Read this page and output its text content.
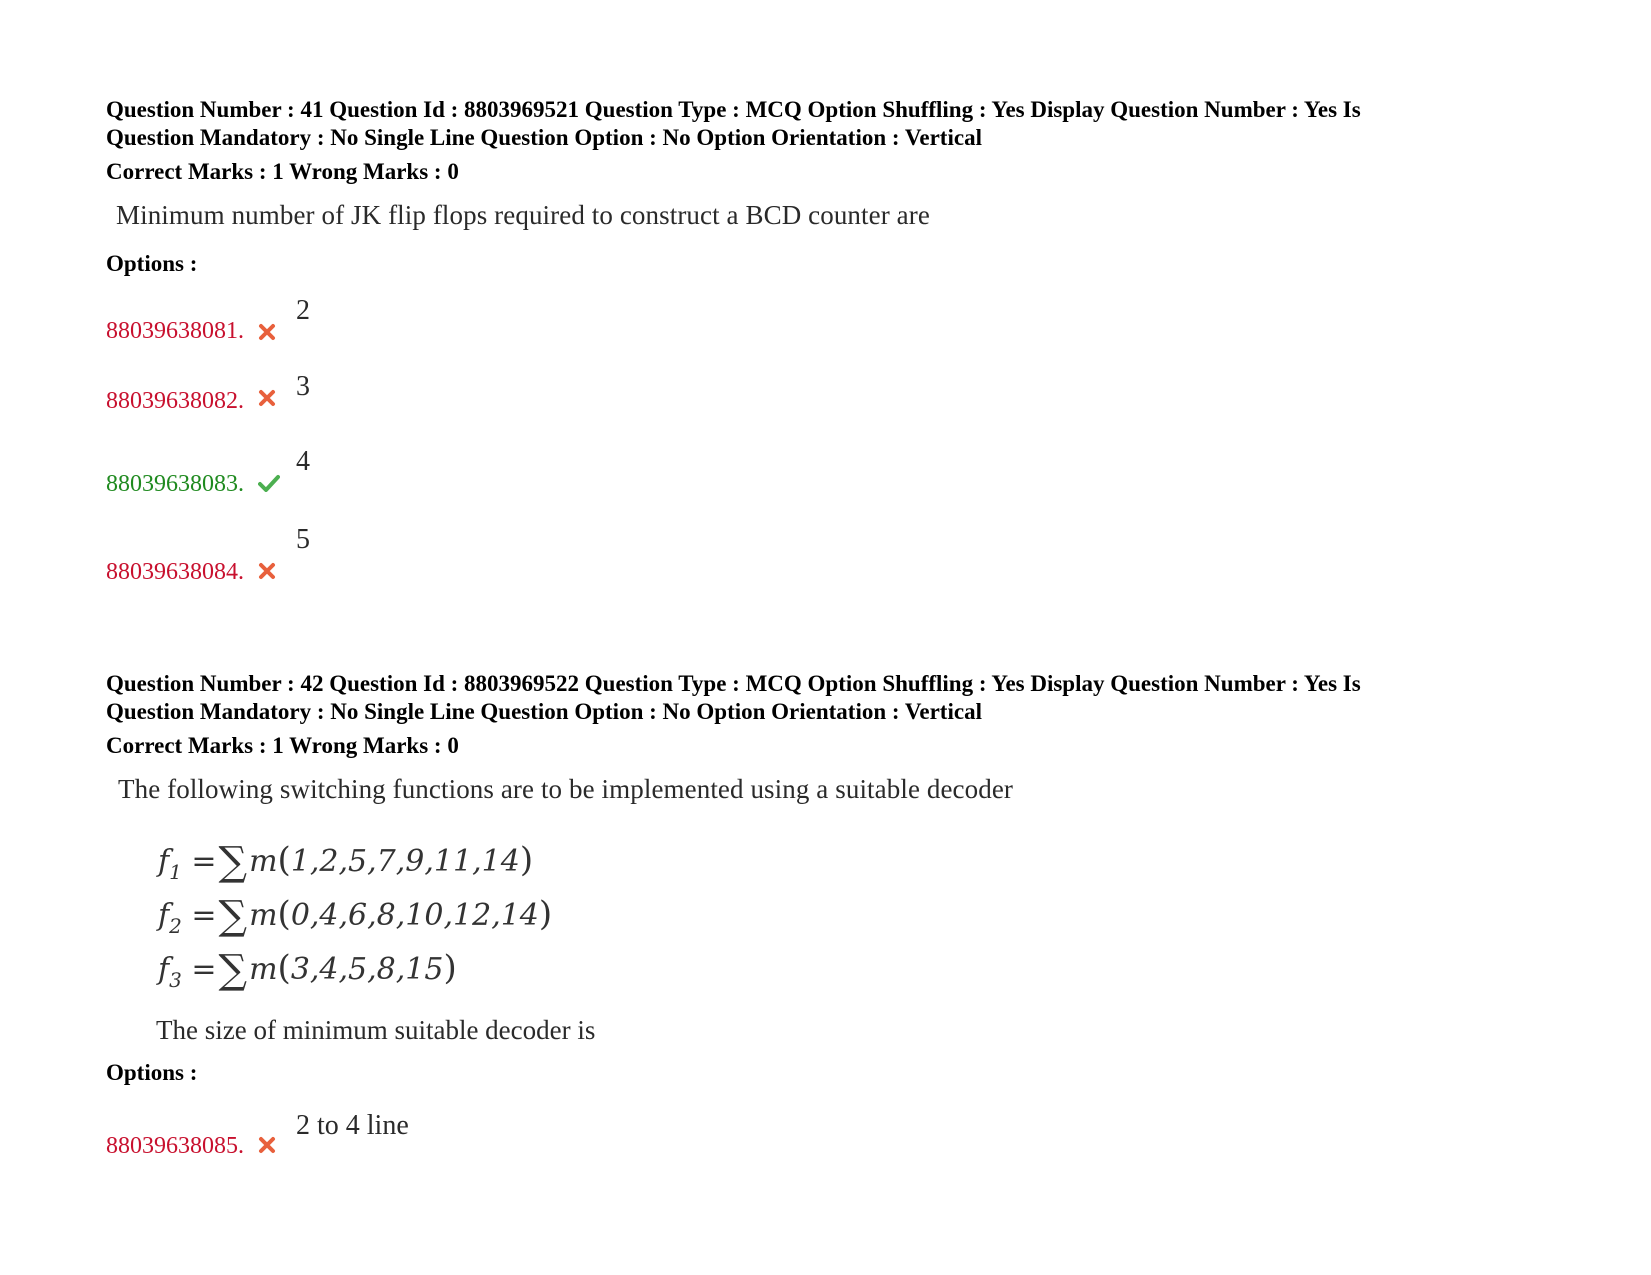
Question Number : 41 Question Id : 8803969521 Question Type : MCQ Option Shuffling : Yes Display Question Number : Yes Is

Question Mandatory : No Single Line Question Option : No Option Orientation : Vertical

Correct Marks : 1 Wrong Marks : 0
Minimum number of JK flip flops required to construct a BCD counter are
Options :
88039638081.
2
88039638082. 3
88039638083.
4
88039638084.
5

Question Number : 42 Question Id : 8803969522 Question Type : MCQ Option Shuffling : Yes Display Question Number : Yes Is

Question Mandatory : No Single Line Question Option : No Option Orientation : Vertical

Correct Marks : 1 Wrong Marks : 0
The following switching functions are to be implemented using a suitable decoder
$f_1 =\sum m(1,2,5,7,9,11,14)$
$f_2 =\sum m(0,4,6,8,10,12,14)$
$f_3 =\sum m(3,4,5,8,15)$
The size of minimum suitable decoder is
Options :
88039638085.
2 to 4 line
